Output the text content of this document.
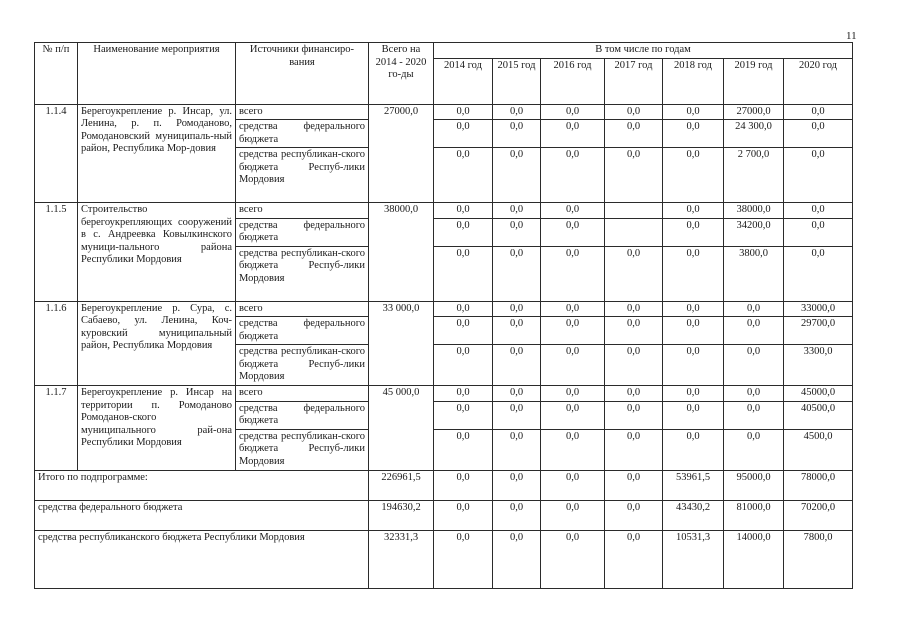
11
№ п/п	Наименование мероприятия	Источники финансиро-вания	Всего на 2014 - 2020 го-ды	В том числе по годам						
				2014 год	2015 год	2016 год	2017 год	2018 год	2019 год	2020 год
1.1.4	Берегоукрепление р. Инсар, ул. Ленина, р. п. Ромоданово, Ромодановский муниципаль-ный район, Республика Мор-довия	всего	27000,0	0,0	0,0	0,0	0,0	0,0	27000,0	0,0
		средства федерального бюджета		0,0	0,0	0,0	0,0	0,0	24 300,0	0,0
		средства республикан-ского бюджета Респуб-лики Мордовия		0,0	0,0	0,0	0,0	0,0	2 700,0	0,0
1.1.5	Строительство берегоукрепляющих сооружений в с. Андреевка Ковылкинского муници-пального района Республики Мордовия	всего	38000,0	0,0	0,0	0,0		0,0	38000,0	0,0
		средства федерального бюджета		0,0	0,0	0,0		0,0	34200,0	0,0
		средства республикан-ского бюджета Респуб-лики Мордовия		0,0	0,0	0,0	0,0	0,0	3800,0	0,0
1.1.6	Берегоукрепление р. Сура, с. Сабаево, ул. Ленина, Коч-куровский муниципальный район, Республика Мордовия	всего	33 000,0	0,0	0,0	0,0	0,0	0,0	0,0	33000,0
		средства федерального бюджета		0,0	0,0	0,0	0,0	0,0	0,0	29700,0
		средства республикан-ского бюджета Респуб-лики Мордовия		0,0	0,0	0,0	0,0	0,0	0,0	3300,0
1.1.7	Берегоукрепление р. Инсар на территории п. Ромоданово Ромоданов-ского муниципального рай-она Республики Мордовия	всего	45 000,0	0,0	0,0	0,0	0,0	0,0	0,0	45000,0
		средства федерального бюджета		0,0	0,0	0,0	0,0	0,0	0,0	40500,0
		средства республикан-ского бюджета Респуб-лики Мордовия		0,0	0,0	0,0	0,0	0,0	0,0	4500,0
Итого по подпрограмме:			226961,5	0,0	0,0	0,0	0,0	53961,5	95000,0	78000,0
средства федерального бюджета			194630,2	0,0	0,0	0,0	0,0	43430,2	81000,0	70200,0
средства республиканского бюджета Республики Мордовия			32331,3	0,0	0,0	0,0	0,0	10531,3	14000,0	7800,0
